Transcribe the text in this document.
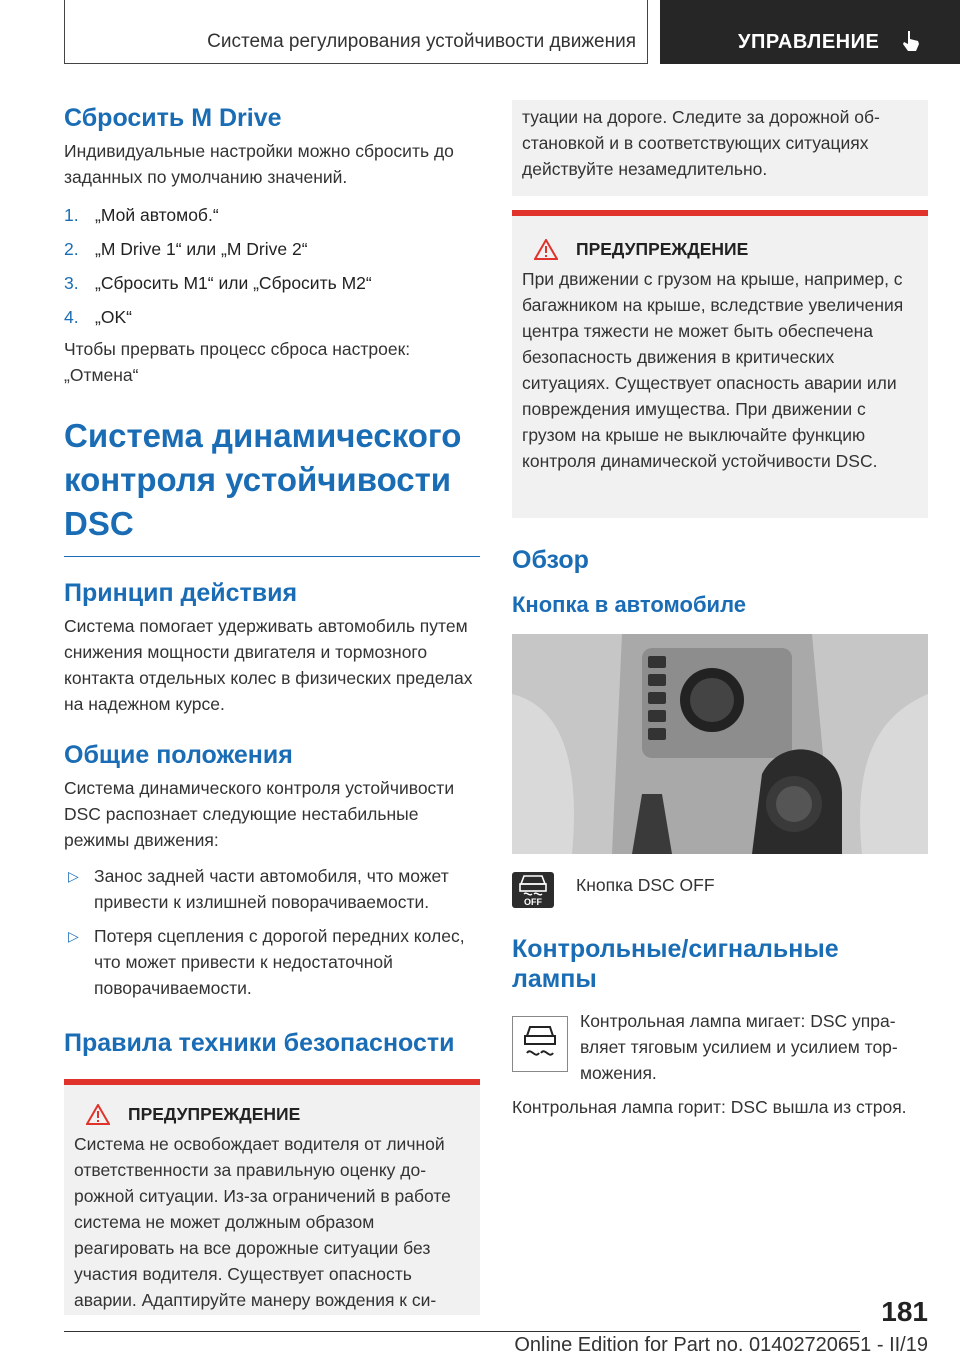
Система регулирования устойчивости движения	УПРАВЛЕНИЕ
Сбросить M Drive

Индивидуальные настройки можно сбросить до заданных по умолчанию значений.

1. „Мой автомоб.“
2. „M Drive 1“ или „M Drive 2“
3. „Сбросить M1“ или „Сбросить M2“
4. „OK“

Чтобы прервать процесс сброса настроек: „Отмена“

Система динамического
контроля устойчивости
DSC
Принцип действия

Система помогает удерживать автомобиль путем снижения мощности двигателя и тормозного контакта отдельных колес в физических пределах на надежном курсе.

Общие положения

Система динамического контроля устойчивости DSC распознает следующие нестабильные режимы движения:

▷ Занос задней части автомобиля, что может привести к излишней поворачиваемости.

▷ Потеря сцепления с дорогой передних колес, что может привести к недостаточной поворачиваемости.

Правила техники безопасности
ПРЕДУПРЕЖДЕНИЕ

Система не освобождает водителя от личной ответственности за правильную оценку дорожной ситуации. Из-за ограничений в работе система не может должным образом реагировать на все дорожные ситуации без участия водителя. Существует опасность аварии. Адаптируйте манеру вождения к си-

туации на дороге. Следите за дорожной обстановкой и в соответствующих ситуациях действуйте незамедлительно.

ПРЕДУПРЕЖДЕНИЕ

При движении с грузом на крыше, например, с багажником на крыше, вследствие увеличения центра тяжести не может быть обеспечена безопасность движения в критических ситуациях. Существует опасность аварии или повреждения имущества. При движении с грузом на крыше не выключайте функцию контроля динамической устойчивости DSC.

Обзор
Кнопка в автомобиле
OFF

Кнопка DSC OFF

Контрольные/сигнальные
лампы

Контрольная лампа мигает: DSC управляет тяговым усилием и усилием торможения.

Контрольная лампа горит: DSC вышла из строя.

181
Online Edition for Part no. 01402720651 - II/19
